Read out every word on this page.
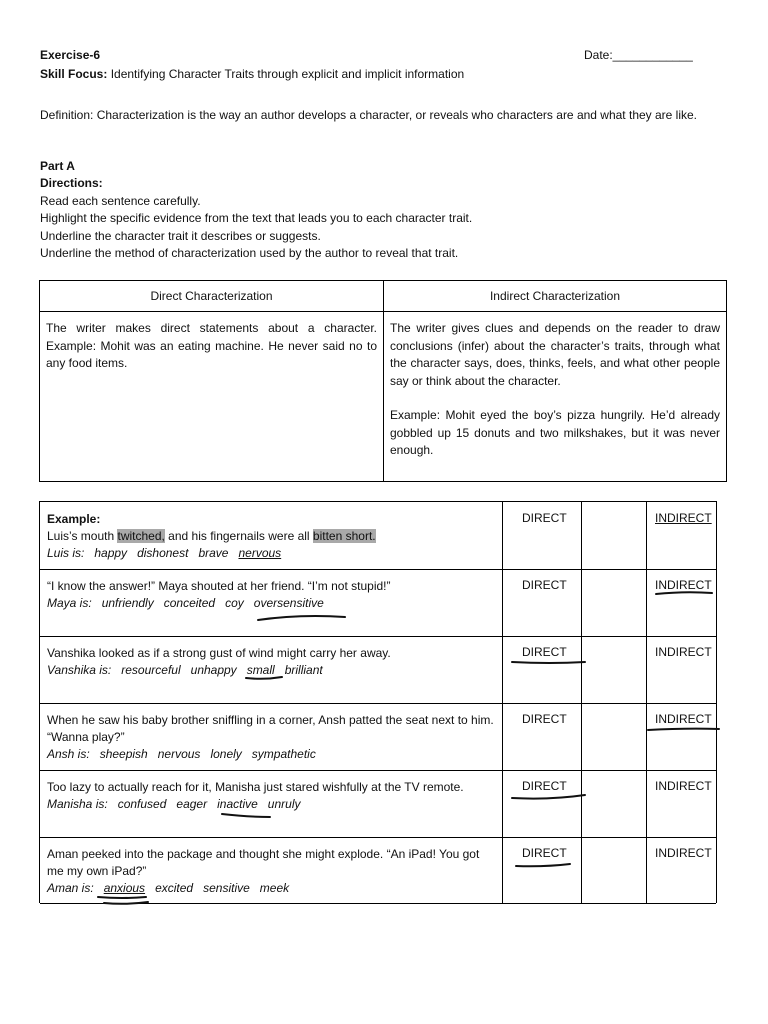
Exercise-6	Date:____________
Skill Focus: Identifying Character Traits through explicit and implicit information
Definition: Characterization is the way an author develops a character, or reveals who characters are and what they are like.
Part A
Directions:
Read each sentence carefully.
Highlight the specific evidence from the text that leads you to each character trait.
Underline the character trait it describes or suggests.
Underline the method of characterization used by the author to reveal that trait.
Direct Characterization	Indirect Characterization
The writer makes direct statements about a character. Example: Mohit was an eating machine. He never said no to any food items.
The writer gives clues and depends on the reader to draw conclusions (infer) about the character’s traits, through what the character says, does, thinks, feels, and what other people say or think about the character.
Example: Mohit eyed the boy’s pizza hungrily. He’d already gobbled up 15 donuts and two milkshakes, but it was never enough.
Example:
Luis’s mouth twitched, and his fingernails were all bitten short.
Luis is: happy dishonest brave nervous
DIRECT	INDIRECT
“I know the answer!” Maya shouted at her friend. “I’m not stupid!”
Maya is: unfriendly conceited coy oversensitive
DIRECT	INDIRECT
Vanshika looked as if a strong gust of wind might carry her away.
Vanshika is: resourceful unhappy small brilliant
DIRECT	INDIRECT
When he saw his baby brother sniffling in a corner, Ansh patted the seat next to him. “Wanna play?”
Ansh is: sheepish nervous lonely sympathetic
DIRECT	INDIRECT
Too lazy to actually reach for it, Manisha just stared wishfully at the TV remote.
Manisha is: confused eager inactive unruly
DIRECT	INDIRECT
Aman peeked into the package and thought she might explode. “An iPad! You got me my own iPad?”
Aman is: anxious excited sensitive meek
DIRECT	INDIRECT
